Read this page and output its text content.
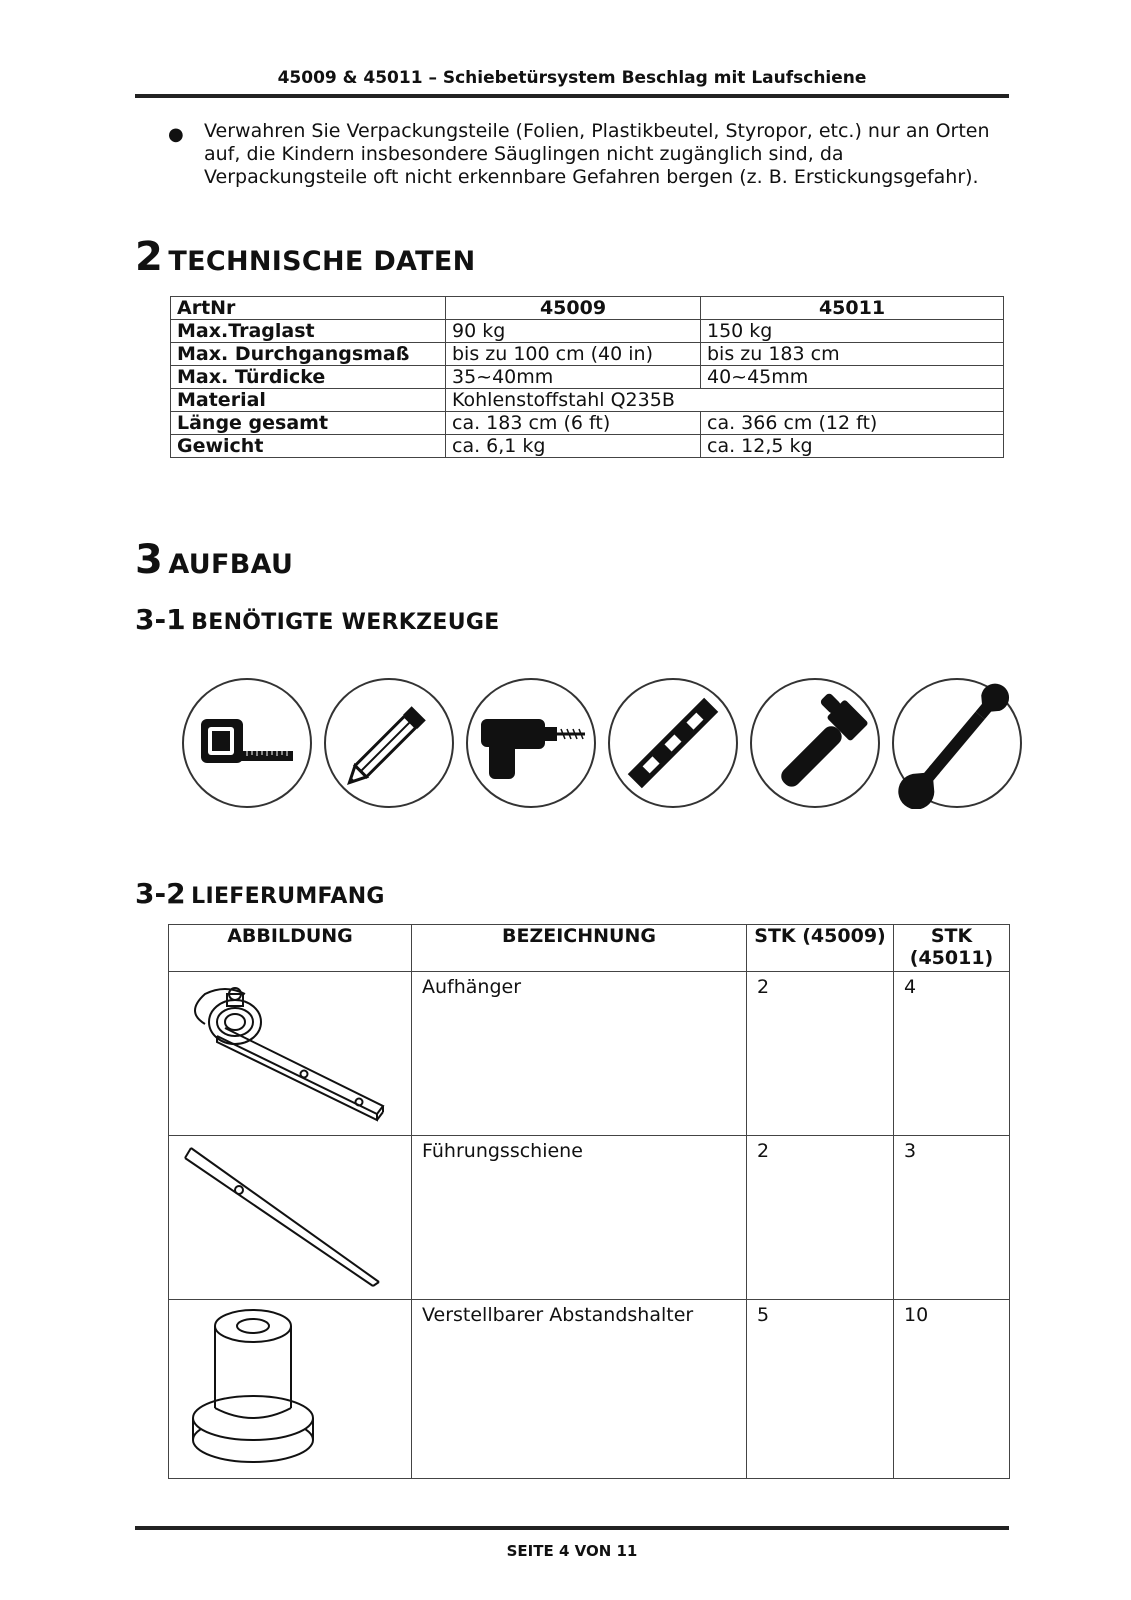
45009 & 45011 – Schiebetürsystem Beschlag mit Laufschiene
● Verwahren Sie Verpackungsteile (Folien, Plastikbeutel, Styropor, etc.) nur an Orten auf, die Kindern insbesondere Säuglingen nicht zugänglich sind, da Verpackungsteile oft nicht erkennbare Gefahren bergen (z. B. Erstickungsgefahr).
2 TECHNISCHE DATEN
ArtNr	45009	45011
Max.Traglast	90 kg	150 kg
Max. Durchgangsmaß	bis zu 100 cm (40 in)	bis zu 183 cm
Max. Türdicke	35~40mm	40~45mm
Material	Kohlenstoffstahl Q235B	
Länge gesamt	ca. 183 cm (6 ft)	ca. 366 cm (12 ft)
Gewicht	ca. 6,1 kg	ca. 12,5 kg
3 AUFBAU
3-1 BENÖTIGTE WERKZEUGE
3-2 LIEFERUMFANG
ABBILDUNG	BEZEICHNUNG	STK (45009)	STK (45011)

	Aufhänger	2	4

	Führungsschiene	2	3

	Verstellbarer Abstandshalter	5	10
SEITE 4 VON 11
